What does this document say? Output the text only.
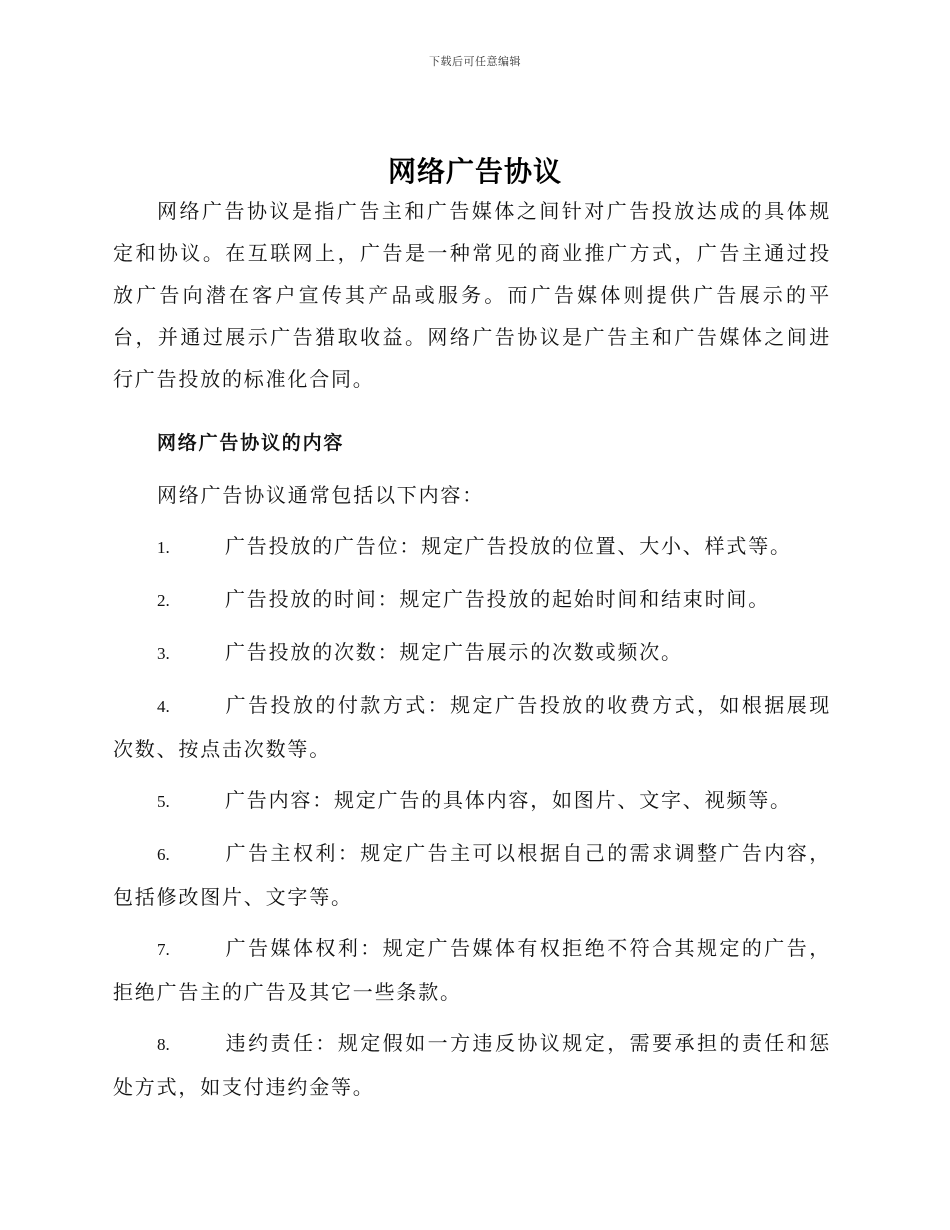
下载后可任意编辑
网络广告协议

网络广告协议是指广告主和广告媒体之间针对广告投放达成的具体规定和协议。在互联网上，广告是一种常见的商业推广方式，广告主通过投放广告向潜在客户宣传其产品或服务。而广告媒体则提供广告展示的平台，并通过展示广告猎取收益。网络广告协议是广告主和广告媒体之间进行广告投放的标准化合同。

网络广告协议的内容

网络广告协议通常包括以下内容：

1.	广告投放的广告位：规定广告投放的位置、大小、样式等。

2.	广告投放的时间：规定广告投放的起始时间和结束时间。

3.	广告投放的次数：规定广告展示的次数或频次。

4.	广告投放的付款方式：规定广告投放的收费方式，如根据展现次数、按点击次数等。

5.	广告内容：规定广告的具体内容，如图片、文字、视频等。

6.	广告主权利：规定广告主可以根据自己的需求调整广告内容，包括修改图片、文字等。

7.	广告媒体权利：规定广告媒体有权拒绝不符合其规定的广告，拒绝广告主的广告及其它一些条款。

8.	违约责任：规定假如一方违反协议规定，需要承担的责任和惩处方式，如支付违约金等。
